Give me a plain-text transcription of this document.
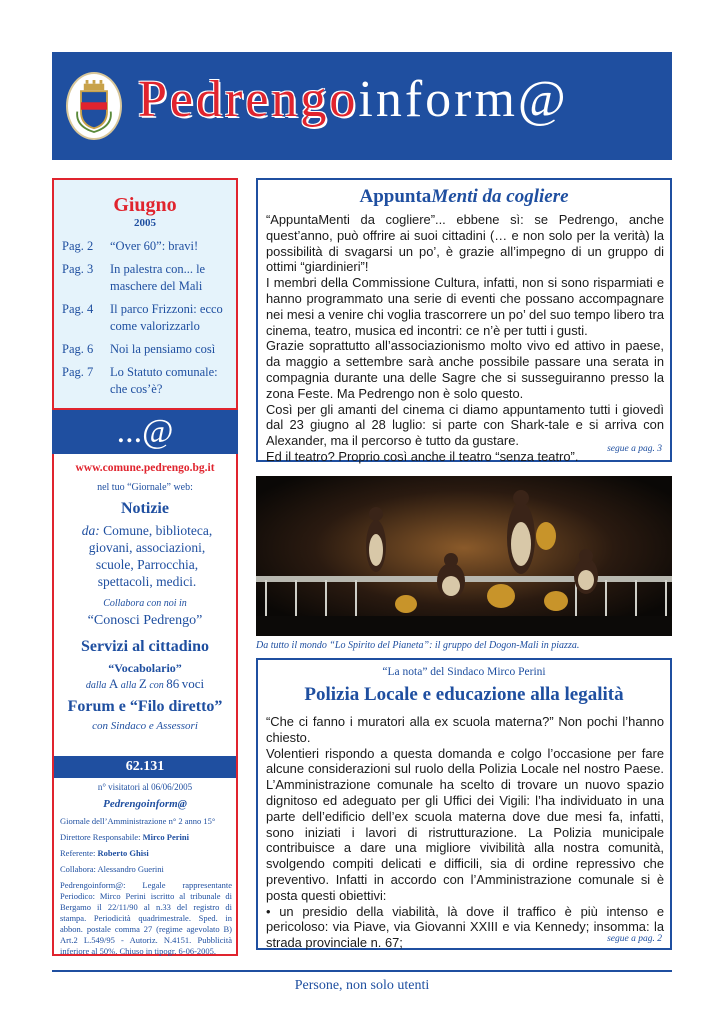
Pedrengoinform@
Giugno
2005
Pag. 2	“Over 60”: bravi!
Pag. 3	In palestra con... le maschere del Mali
Pag. 4	Il parco Frizzoni: ecco come valorizzarlo
Pag. 6	Noi la pensiamo così
Pag. 7	Lo Statuto comunale: che cos’è?
...@
www.comune.pedrengo.bg.it
nel tuo “Giornale” web:
Notizie
da: Comune, biblioteca, giovani, associazioni, scuole, Parrocchia, spettacoli, medici.
Collabora con noi in
“Conosci Pedrengo”
Servizi al cittadino
“Vocabolario”
dalla A alla Z con 86 voci
Forum e “Filo diretto”
con Sindaco e Assessori
62.131
n° visitatori al 06/06/2005
Pedrengoinform@
Giornale dell’Amministrazione n° 2 anno 15°
Direttore Responsabile: Mirco Perini
Referente: Roberto Ghisi
Collabora: Alessandro Guerini
Pedrengoinform@: Legale rappresentante Periodico: Mirco Perini iscritto al tribunale di Bergamo il 22/11/90 al n.33 del registro di stampa. Periodicità quadrimestrale. Sped. in abbon. postale comma 27 (regime agevolato B) Art.2 L.549/95 - Autoriz. N.4151. Pubblicità inferiore al 50%. Chiuso in tipogr. 6-06-2005.
AppuntaMenti da cogliere
“AppuntaMenti da cogliere”... ebbene sì: se Pedrengo, anche quest’anno, può offrire ai suoi cittadini (… e non solo per la verità) la possibilità di svagarsi un po’, è grazie all’impegno di un gruppo di ottimi “giardinieri”!
I membri della Commissione Cultura, infatti, non si sono risparmiati e hanno programmato una serie di eventi che possano accompagnare nei mesi a venire chi voglia trascorrere un po’ del suo tempo libero tra cinema, teatro, musica ed incontri: ce n’è per tutti i gusti.
Grazie soprattutto all’associazionismo molto vivo ed attivo in paese, da maggio a settembre sarà anche possibile passare una serata in compagnia durante una delle Sagre che si susseguiranno presso la zona Feste. Ma Pedrengo non è solo questo.
Così per gli amanti del cinema ci diamo appuntamento tutti i giovedì dal 23 giugno al 28 luglio: si parte con Shark-tale e si arriva con Alexander, ma il percorso è tutto da gustare.
Ed il teatro? Proprio così anche il teatro “senza teatro”.	segue a pag. 3
Da tutto il mondo “Lo Spirito del Pianeta”: il gruppo del Dogon-Mali in piazza.
“La nota” del Sindaco Mirco Perini
Polizia Locale e educazione alla legalità
“Che ci fanno i muratori alla ex scuola materna?” Non pochi l’hanno chiesto.
Volentieri rispondo a questa domanda e colgo l’occasione per fare alcune considerazioni sul ruolo della Polizia Locale nel nostro Paese. L’Amministrazione comunale ha scelto di trovare un nuovo spazio dignitoso ed adeguato per gli Uffici dei Vigili: l’ha individuato in una parte dell’edificio dell’ex scuola materna dove due mesi fa, infatti, sono iniziati i lavori di ristrutturazione. La Polizia municipale contribuisce a dare una migliore vivibilità alla nostra comunità, svolgendo compiti delicati e difficili, sia di ordine repressivo che preventivo. Infatti in accordo con l’Amministrazione comunale si è posta questi obiettivi:
• un presidio della viabilità, là dove il traffico è più intenso e pericoloso: via Piave, via Giovanni XXIII e via Kennedy; insomma: la strada provinciale n. 67;	segue a pag. 2
Persone, non solo utenti
